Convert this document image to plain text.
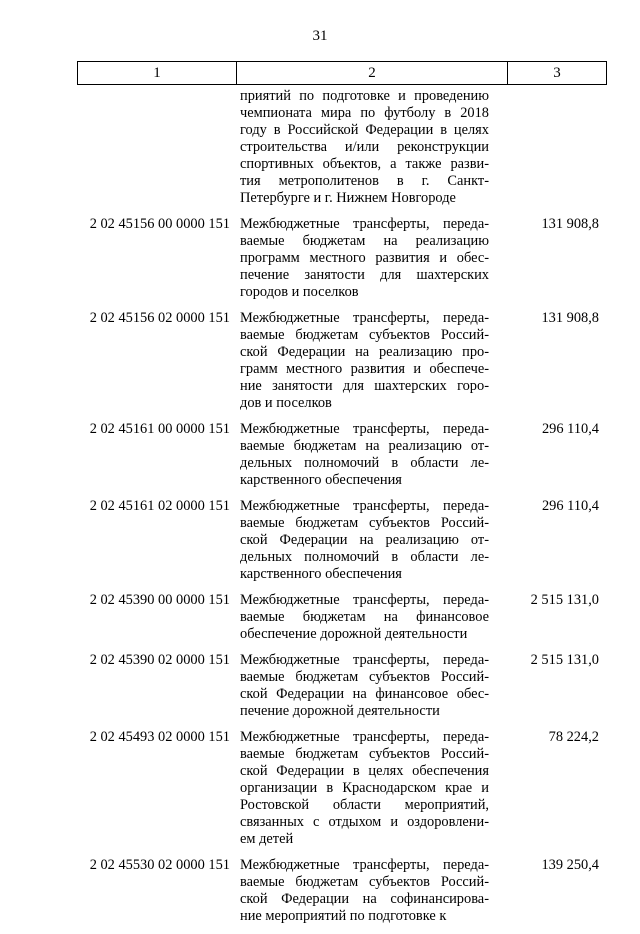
31
1	2	3
приятий по подготовке и проведению
чемпионата мира по футболу в 2018
году в Российской Федерации в целях
строительства и/или реконструкции
спортивных объектов, а также разви-
тия метрополитенов в г. Санкт-
Петербурге и г. Нижнем Новгороде
2 02 45156 00 0000 151 Межбюджетные трансферты, переда-
ваемые бюджетам на реализацию
программ местного развития и обес-
печение занятости для шахтерских
городов и поселков
131 908,8
2 02 45156 02 0000 151 Межбюджетные трансферты, переда-
ваемые бюджетам субъектов Россий-
ской Федерации на реализацию про-
грамм местного развития и обеспече-
ние занятости для шахтерских горо-
дов и поселков
131 908,8
2 02 45161 00 0000 151 Межбюджетные трансферты, переда-
ваемые бюджетам на реализацию от-
дельных полномочий в области ле-
карственного обеспечения
296 110,4
2 02 45161 02 0000 151 Межбюджетные трансферты, переда-
ваемые бюджетам субъектов Россий-
ской Федерации на реализацию от-
дельных полномочий в области ле-
карственного обеспечения
296 110,4
2 02 45390 00 0000 151 Межбюджетные трансферты, переда-
ваемые бюджетам на финансовое
обеспечение дорожной деятельности
2 515 131,0
2 02 45390 02 0000 151 Межбюджетные трансферты, переда-
ваемые бюджетам субъектов Россий-
ской Федерации на финансовое обес-
печение дорожной деятельности
2 515 131,0
2 02 45493 02 0000 151 Межбюджетные трансферты, переда-
ваемые бюджетам субъектов Россий-
ской Федерации в целях обеспечения
организации в Краснодарском крае и
Ростовской области мероприятий,
связанных с отдыхом и оздоровлени-
ем детей
78 224,2
2 02 45530 02 0000 151 Межбюджетные трансферты, переда-
ваемые бюджетам субъектов Россий-
ской Федерации на софинансирова-
ние мероприятий по подготовке к
139 250,4
